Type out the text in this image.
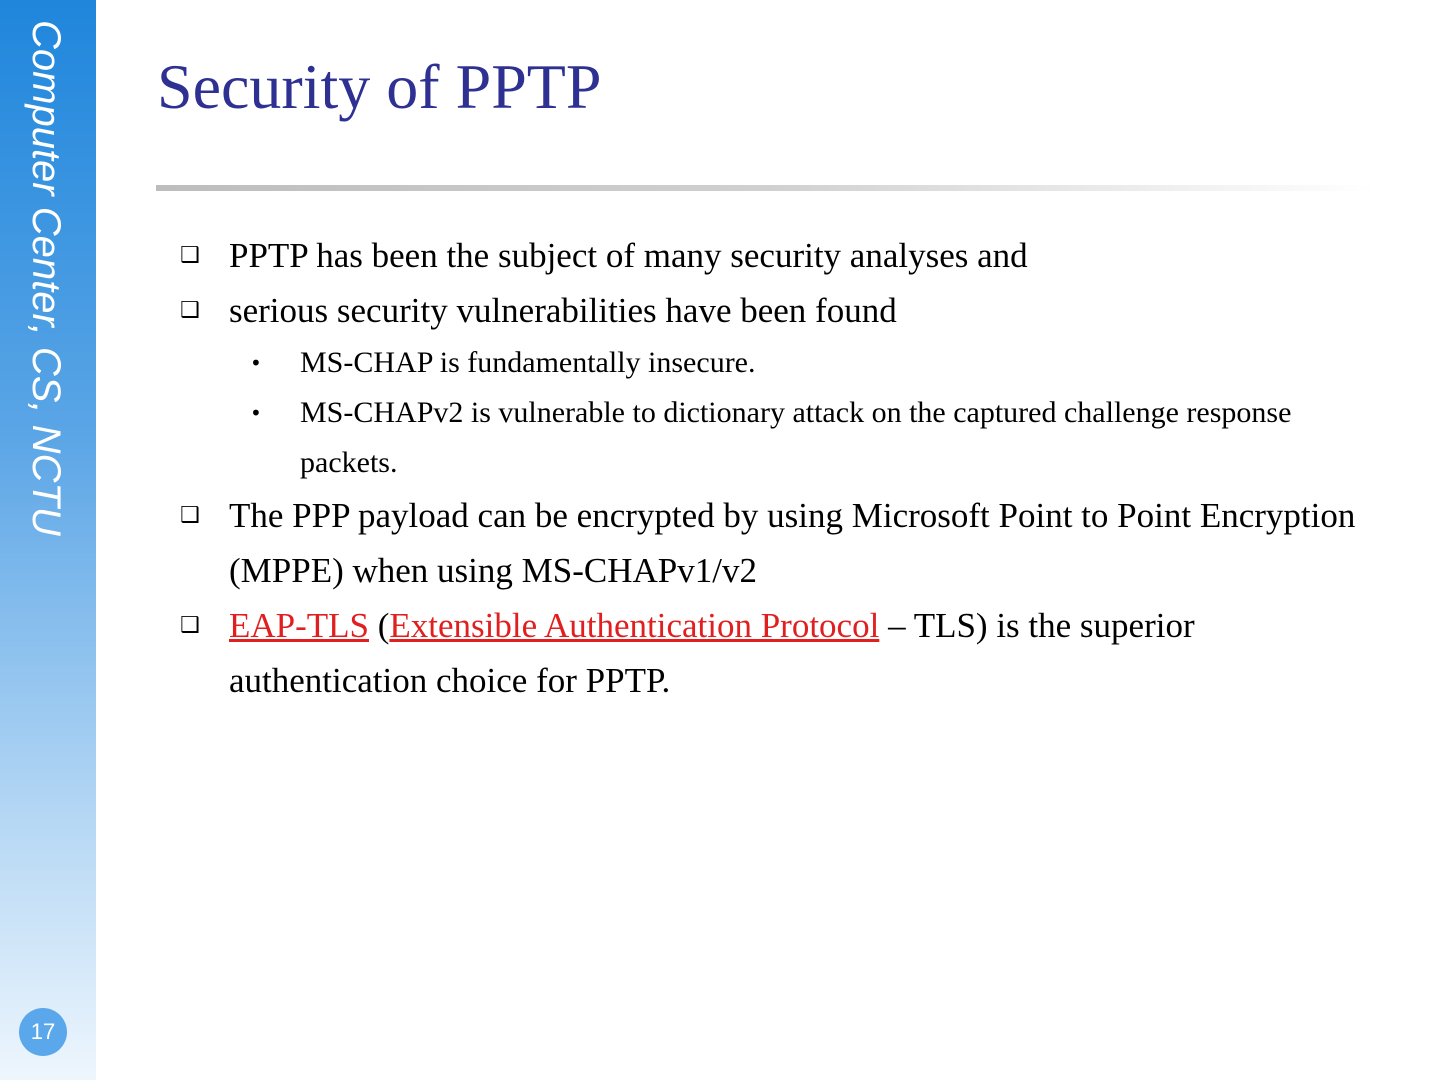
Computer Center, CS, NCTU
17
Security of PPTP
❑ PPTP has been the subject of many security analyses and
❑ serious security vulnerabilities have been found
• MS-CHAP is fundamentally insecure.
• MS-CHAPv2 is vulnerable to dictionary attack on the captured challenge response packets.
❑ The PPP payload can be encrypted by using Microsoft Point to Point Encryption (MPPE) when using MS-CHAPv1/v2
❑ EAP-TLS (Extensible Authentication Protocol – TLS) is the superior authentication choice for PPTP.
